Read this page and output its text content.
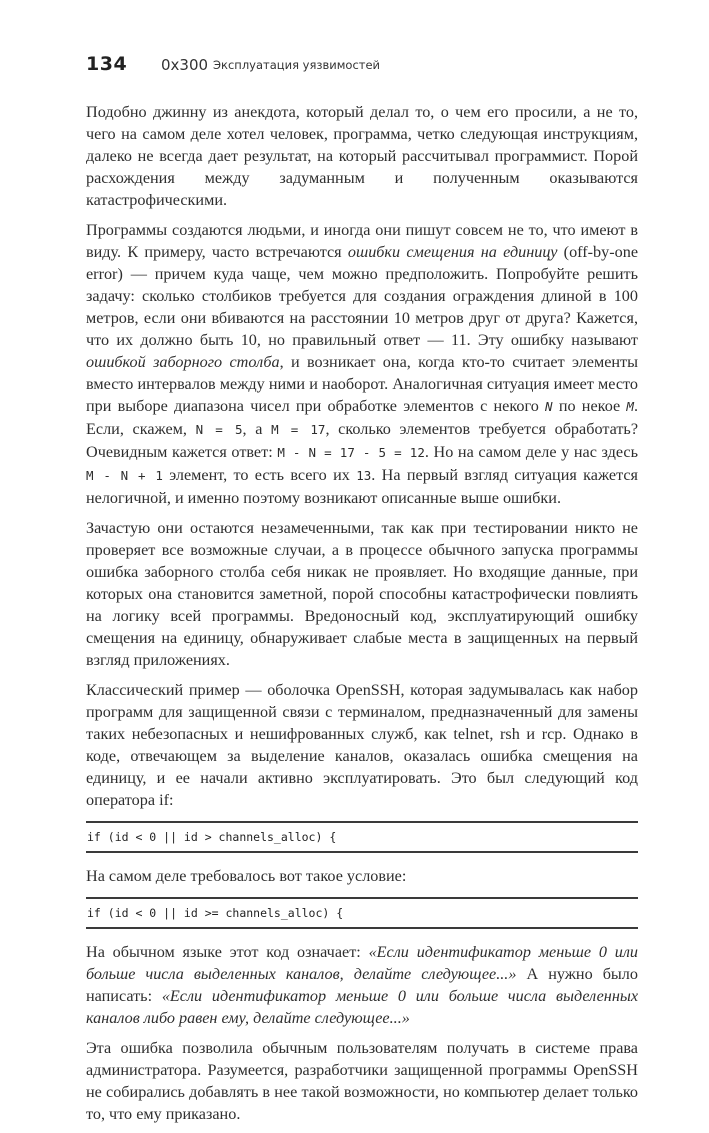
134 0x300 Эксплуатация уязвимостей

Подобно джинну из анекдота, который делал то, о чем его просили, а не то, чего на самом деле хотел человек, программа, четко следующая инструкциям, далеко не всегда дает результат, на который рассчитывал программист. Порой расхождения между задуманным и полученным оказываются катастрофическими.

Программы создаются людьми, и иногда они пишут совсем не то, что имеют в виду. К примеру, часто встречаются ошибки смещения на единицу (off-by-one error) — причем куда чаще, чем можно предположить. Попробуйте решить задачу: сколько столбиков требуется для создания ограждения длиной в 100 метров, если они вбиваются на расстоянии 10 метров друг от друга? Кажется, что их должно быть 10, но правильный ответ — 11. Эту ошибку называют ошибкой заборного столба, и возникает она, когда кто-то считает элементы вместо интервалов между ними и наоборот. Аналогичная ситуация имеет место при выборе диапазона чисел при обработке элементов с некого N по некое M. Если, скажем, N = 5, а M = 17, сколько элементов требуется обработать? Очевидным кажется ответ: M - N = 17 - 5 = 12. Но на самом деле у нас здесь M - N + 1 элемент, то есть всего их 13. На первый взгляд ситуация кажется нелогичной, и именно поэтому возникают описанные выше ошибки.

Зачастую они остаются незамеченными, так как при тестировании никто не проверяет все возможные случаи, а в процессе обычного запуска программы ошибка заборного столба себя никак не проявляет. Но входящие данные, при которых она становится заметной, порой способны катастрофически повлиять на логику всей программы. Вредоносный код, эксплуатирующий ошибку смещения на единицу, обнаруживает слабые места в защищенных на первый взгляд приложениях.

Классический пример — оболочка OpenSSH, которая задумывалась как набор программ для защищенной связи с терминалом, предназначенный для замены таких небезопасных и нешифрованных служб, как telnet, rsh и rcp. Однако в коде, отвечающем за выделение каналов, оказалась ошибка смещения на единицу, и ее начали активно эксплуатировать. Это был следующий код оператора if:

if (id < 0 || id > channels_alloc) {

На самом деле требовалось вот такое условие:

if (id < 0 || id >= channels_alloc) {

На обычном языке этот код означает: «Если идентификатор меньше 0 или больше числа выделенных каналов, делайте следующее...» А нужно было написать: «Если идентификатор меньше 0 или больше числа выделенных каналов либо равен ему, делайте следующее...»

Эта ошибка позволила обычным пользователям получать в системе права администратора. Разумеется, разработчики защищенной программы OpenSSH не собирались добавлять в нее такой возможности, но компьютер делает только то, что ему приказано.
